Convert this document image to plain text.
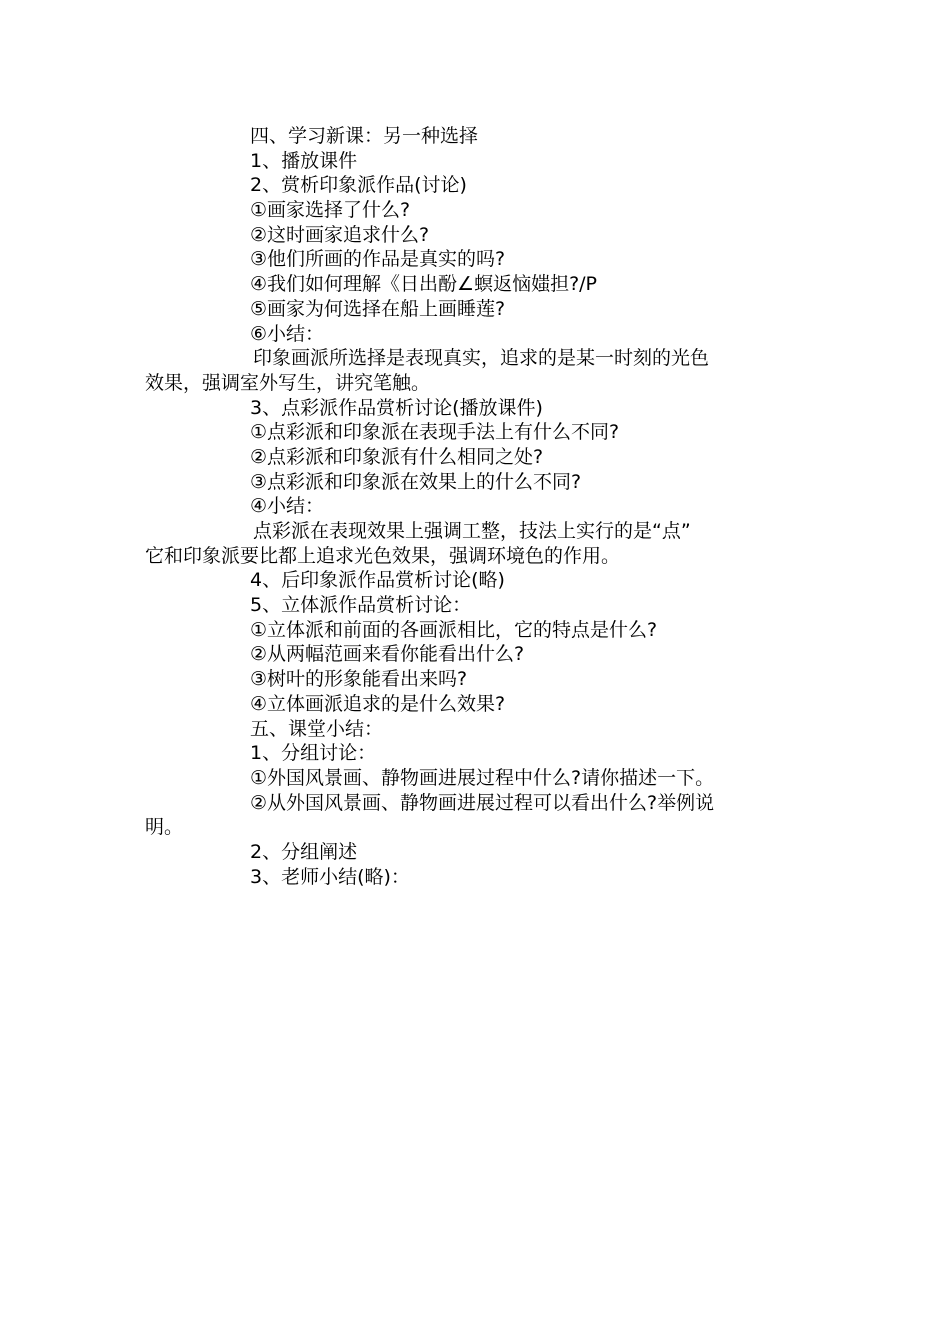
四、学习新课：另一种选择
1、播放课件
2、赏析印象派作品(讨论)
①画家选择了什么?
②这时画家追求什么?
③他们所画的作品是真实的吗?
④我们如何理解《日出酚∠螟返恼媸担?/P
⑤画家为何选择在船上画睡莲?
⑥小结：
印象画派所选择是表现真实，追求的是某一时刻的光色
效果，强调室外写生，讲究笔触。
3、点彩派作品赏析讨论(播放课件)
①点彩派和印象派在表现手法上有什么不同?
②点彩派和印象派有什么相同之处?
③点彩派和印象派在效果上的什么不同?
④小结：
点彩派在表现效果上强调工整，技法上实行的是“点”
它和印象派要比都上追求光色效果，强调环境色的作用。
4、后印象派作品赏析讨论(略)
5、立体派作品赏析讨论：
①立体派和前面的各画派相比，它的特点是什么?
②从两幅范画来看你能看出什么?
③树叶的形象能看出来吗?
④立体画派追求的是什么效果?
五、课堂小结：
1、分组讨论：
①外国风景画、静物画进展过程中什么?请你描述一下。
②从外国风景画、静物画进展过程可以看出什么?举例说
明。
2、分组阐述
3、老师小结(略)：
